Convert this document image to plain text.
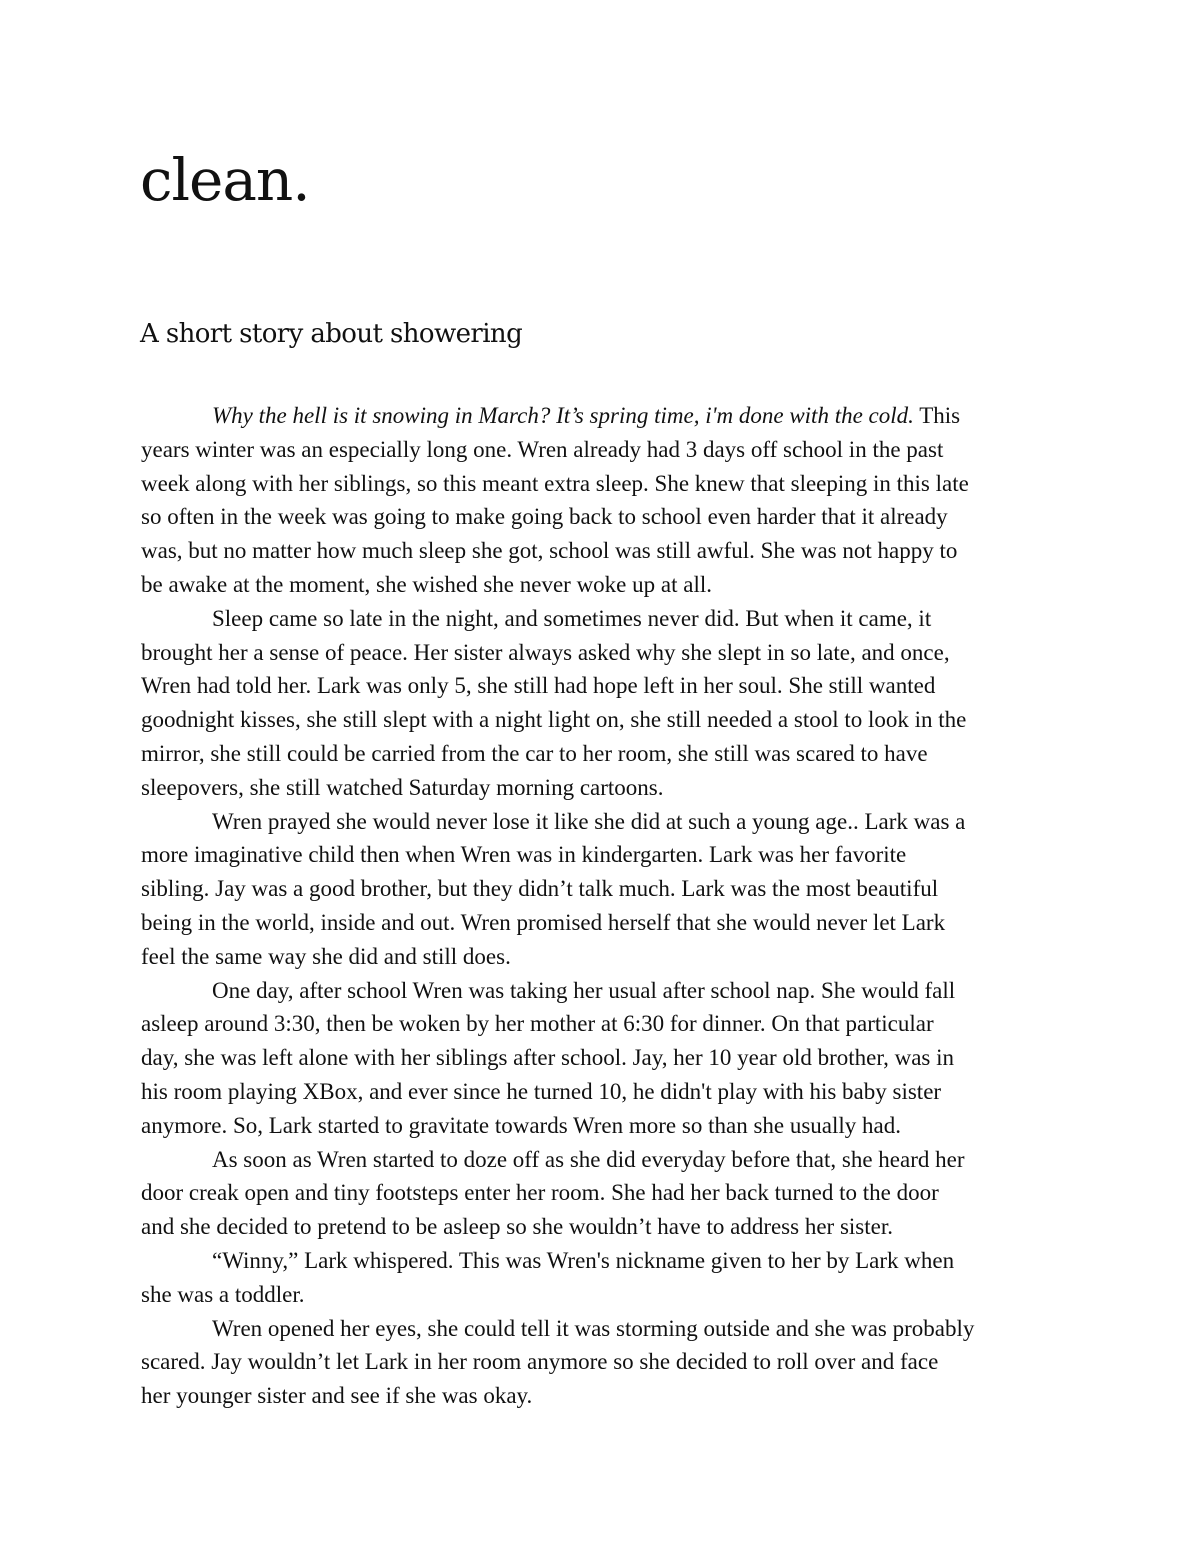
clean.
A short story about showering

Why the hell is it snowing in March? It’s spring time, i'm done with the cold. This
years winter was an especially long one. Wren already had 3 days off school in the past
week along with her siblings, so this meant extra sleep. She knew that sleeping in this late
so often in the week was going to make going back to school even harder that it already
was, but no matter how much sleep she got, school was still awful. She was not happy to
be awake at the moment, she wished she never woke up at all.

Sleep came so late in the night, and sometimes never did. But when it came, it
brought her a sense of peace. Her sister always asked why she slept in so late, and once,
Wren had told her. Lark was only 5, she still had hope left in her soul. She still wanted
goodnight kisses, she still slept with a night light on, she still needed a stool to look in the
mirror, she still could be carried from the car to her room, she still was scared to have
sleepovers, she still watched Saturday morning cartoons.

Wren prayed she would never lose it like she did at such a young age.. Lark was a
more imaginative child then when Wren was in kindergarten. Lark was her favorite
sibling. Jay was a good brother, but they didn’t talk much. Lark was the most beautiful
being in the world, inside and out. Wren promised herself that she would never let Lark
feel the same way she did and still does.

One day, after school Wren was taking her usual after school nap. She would fall
asleep around 3:30, then be woken by her mother at 6:30 for dinner. On that particular
day, she was left alone with her siblings after school. Jay, her 10 year old brother, was in
his room playing XBox, and ever since he turned 10, he didn't play with his baby sister
anymore. So, Lark started to gravitate towards Wren more so than she usually had.

As soon as Wren started to doze off as she did everyday before that, she heard her
door creak open and tiny footsteps enter her room. She had her back turned to the door
and she decided to pretend to be asleep so she wouldn’t have to address her sister.

“Winny,” Lark whispered. This was Wren's nickname given to her by Lark when
she was a toddler.

Wren opened her eyes, she could tell it was storming outside and she was probably
scared. Jay wouldn’t let Lark in her room anymore so she decided to roll over and face
her younger sister and see if she was okay.
